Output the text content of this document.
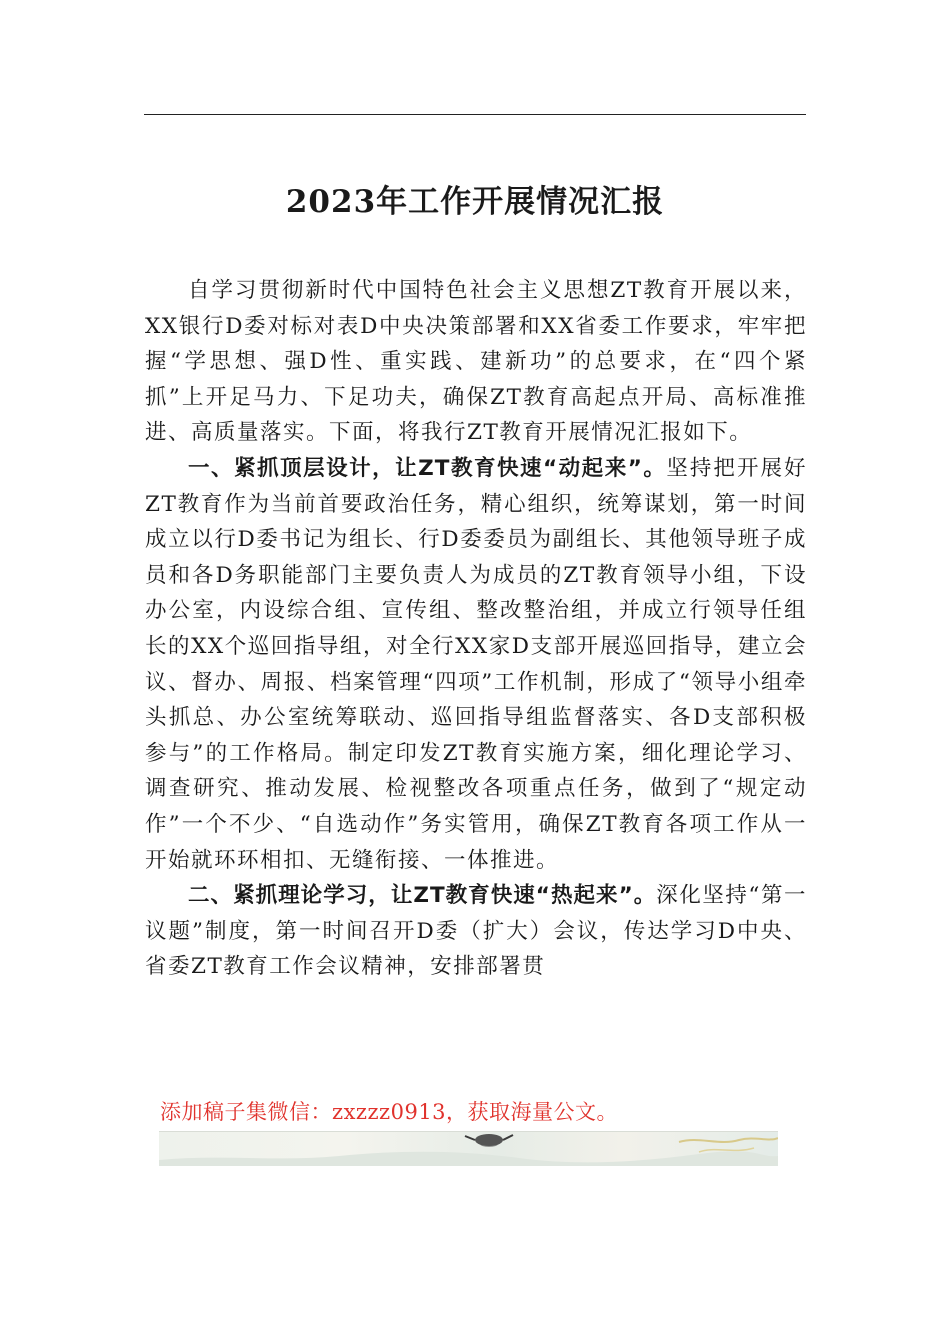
2023年工作开展情况汇报

自学习贯彻新时代中国特色社会主义思想ZT教育开展以来，XX银行D委对标对表D中央决策部署和XX省委工作要求，牢牢把握“学思想、强D性、重实践、建新功”的总要求，在“四个紧抓”上开足马力、下足功夫，确保ZT教育高起点开局、高标准推进、高质量落实。下面，将我行ZT教育开展情况汇报如下。

一、紧抓顶层设计，让ZT教育快速“动起来”。坚持把开展好ZT教育作为当前首要政治任务，精心组织，统筹谋划，第一时间成立以行D委书记为组长、行D委委员为副组长、其他领导班子成员和各D务职能部门主要负责人为成员的ZT教育领导小组，下设办公室，内设综合组、宣传组、整改整治组，并成立行领导任组长的XX个巡回指导组，对全行XX家D支部开展巡回指导，建立会议、督办、周报、档案管理“四项”工作机制，形成了“领导小组牵头抓总、办公室统筹联动、巡回指导组监督落实、各D支部积极参与”的工作格局。制定印发ZT教育实施方案，细化理论学习、调查研究、推动发展、检视整改各项重点任务，做到了“规定动作”一个不少、“自选动作”务实管用，确保ZT教育各项工作从一开始就环环相扣、无缝衔接、一体推进。

二、紧抓理论学习，让ZT教育快速“热起来”。深化坚持“第一议题”制度，第一时间召开D委（扩大）会议，传达学习D中央、省委ZT教育工作会议精神，安排部署贯

添加稿子集微信：zxzzz0913，获取海量公文。
